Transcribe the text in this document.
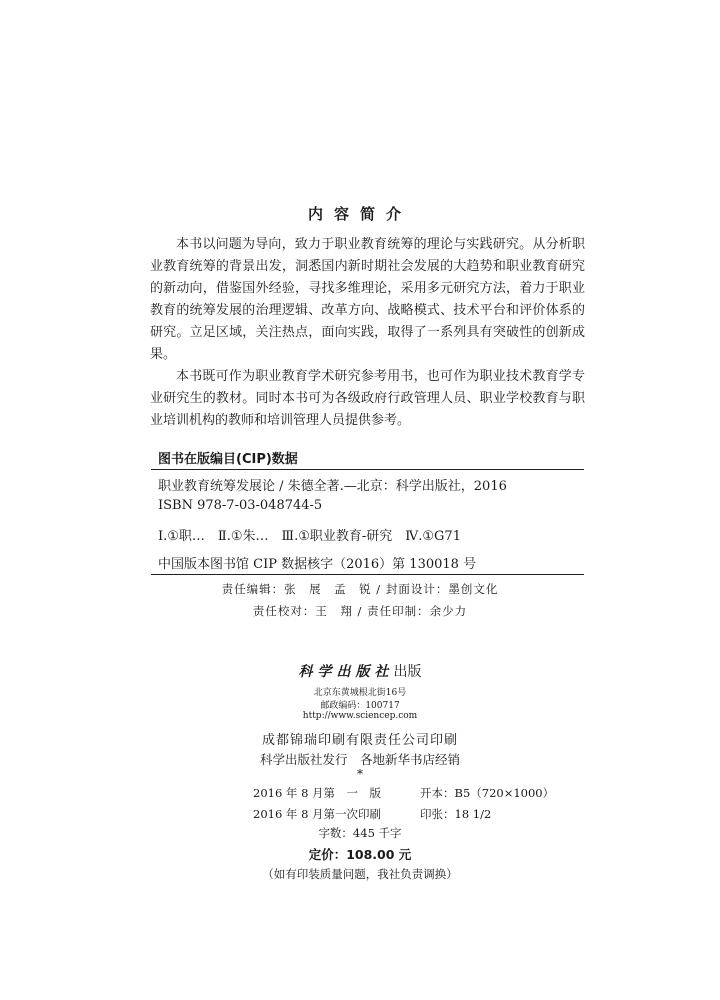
内容简介

本书以问题为导向，致力于职业教育统筹的理论与实践研究。从分析职业教育统筹的背景出发，洞悉国内新时期社会发展的大趋势和职业教育研究的新动向，借鉴国外经验，寻找多维理论，采用多元研究方法，着力于职业教育的统筹发展的治理逻辑、改革方向、战略模式、技术平台和评价体系的研究。立足区域，关注热点，面向实践，取得了一系列具有突破性的创新成果。

本书既可作为职业教育学术研究参考用书，也可作为职业技术教育学专业研究生的教材。同时本书可为各级政府行政管理人员、职业学校教育与职业培训机构的教师和培训管理人员提供参考。

图书在版编目(CIP)数据
职业教育统筹发展论 / 朱德全著.—北京：科学出版社，2016
ISBN 978-7-03-048744-5
Ⅰ.①职…　Ⅱ.①朱…　Ⅲ.①职业教育-研究　Ⅳ.①G71
中国版本图书馆 CIP 数据核字（2016）第 130018 号
责任编辑：张　展　孟　锐 / 封面设计：墨创文化
责任校对：王　翔 / 责任印制：余少力
科学出版社出版
北京东黄城根北街16号
邮政编码：100717
http://www.sciencep.com
成都锦瑞印刷有限责任公司印刷
科学出版社发行　各地新华书店经销
*
2016 年 8 月第　一　版	开本：B5（720×1000）
2016 年 8 月第一次印刷	印张：18 1/2
字数：445 千字
定价：108.00 元
（如有印装质量问题，我社负责调换）
